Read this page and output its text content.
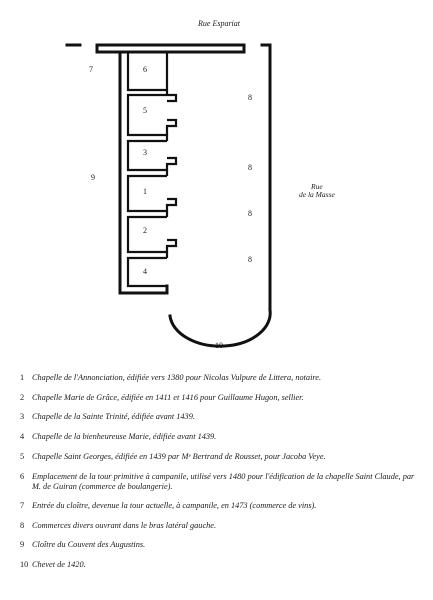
Rue Espariat
Rue
de la Masse
6
5
3
1
2
4
7
9
8
8
8
8
10
1 Chapelle de l'Annonciation, édifiée vers 1380 pour Nicolas Vulpure de Littera, notaire.
2 Chapelle Marie de Grâce, édifiée en 1411 et 1416 pour Guillaume Hugon, sellier.
3 Chapelle de la Sainte Trinité, édifiée avant 1439.
4 Chapelle de la bienheureuse Marie, édifiée avant 1439.
5 Chapelle Saint Georges, édifiée en 1439 par Mᵉ Bertrand de Rousset, pour Jacoba Veye.
6 Emplacement de la tour primitive à campanile, utilisé vers 1480 pour l'édification de la chapelle Saint Claude, par M. de Guiran (commerce de boulangerie).
7 Entrée du cloître, devenue la tour actuelle, à campanile, en 1473 (commerce de vins).
8 Commerces divers ouvrant dans le bras latéral gauche.
9 Cloître du Couvent des Augustins.
10 Chevet de 1420.
